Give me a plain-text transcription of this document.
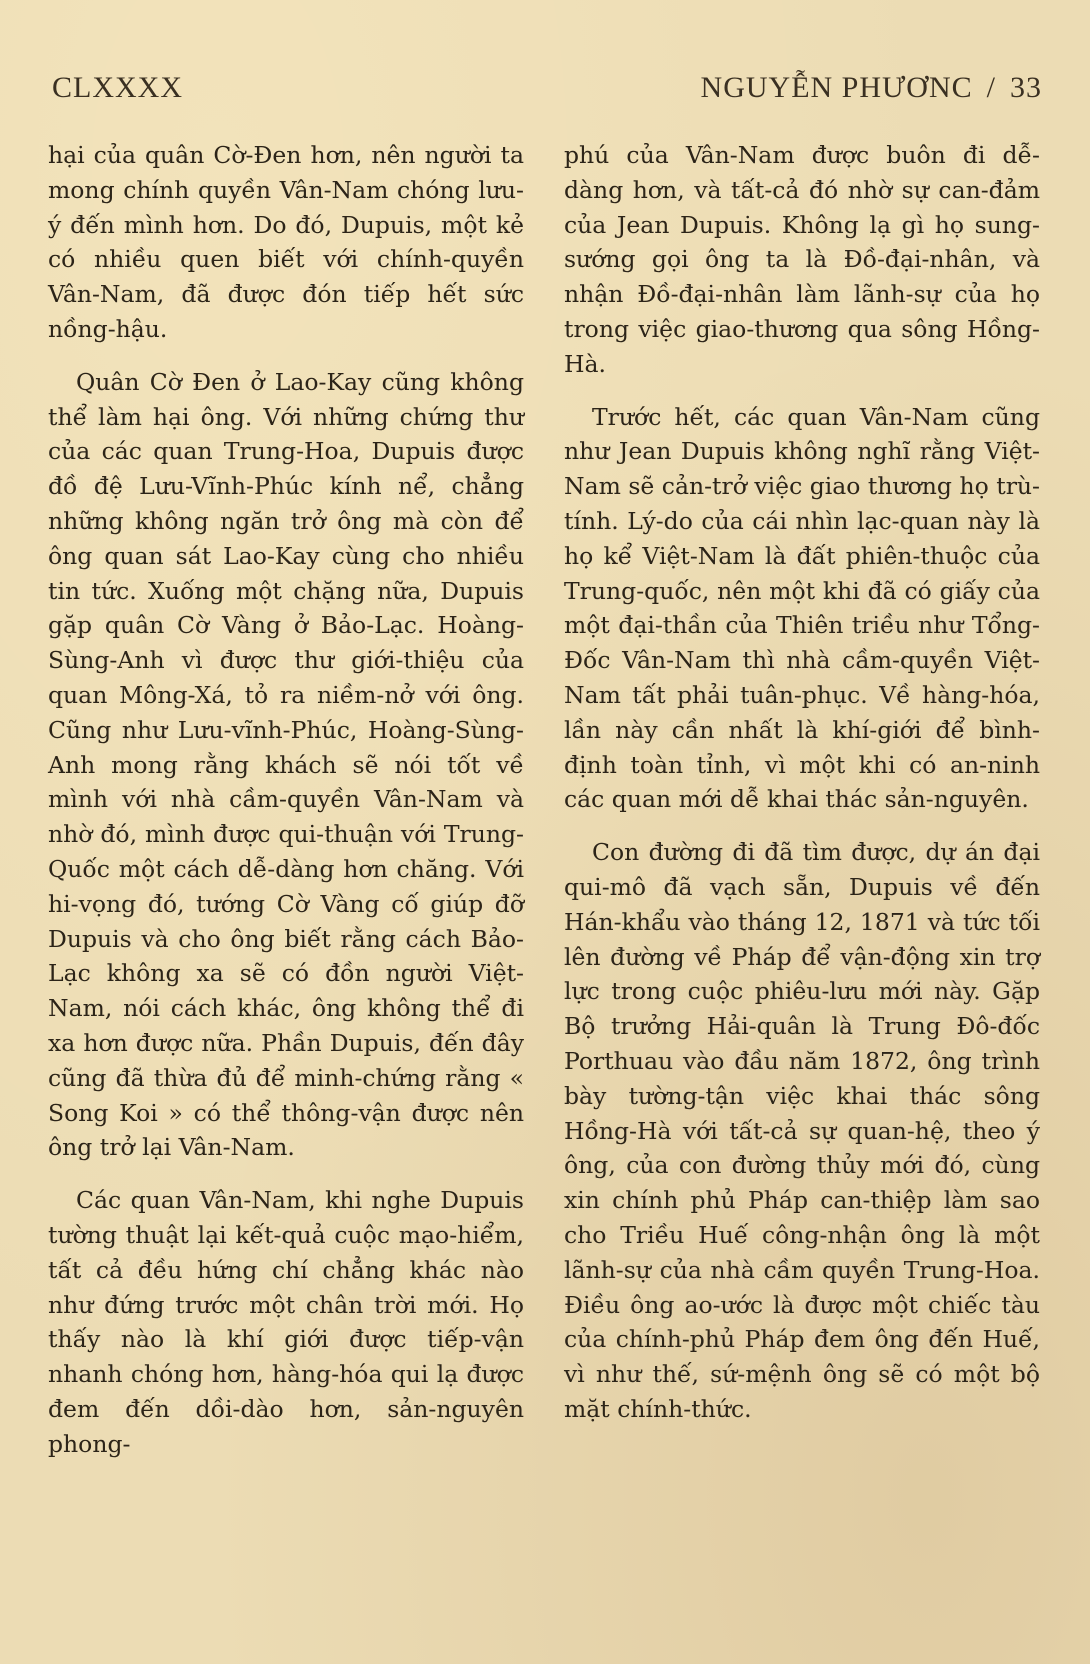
CLXXXX	NGUYỄN PHƯƠNC / 33

hại của quân Cờ-Đen hơn, nên người ta mong chính quyền Vân-Nam chóng lưu-ý đến mình hơn. Do đó, Dupuis, một kẻ có nhiều quen biết với chính-quyền Vân-Nam, đã được đón tiếp hết sức nồng-hậu.

Quân Cờ Đen ở Lao-Kay cũng không thể làm hại ông. Với những chứng thư của các quan Trung-Hoa, Dupuis được đồ đệ Lưu-Vĩnh-Phúc kính nể, chẳng những không ngăn trở ông mà còn để ông quan sát Lao-Kay cùng cho nhiều tin tức. Xuống một chặng nữa, Dupuis gặp quân Cờ Vàng ở Bảo-Lạc. Hoàng-Sùng-Anh vì được thư giới-thiệu của quan Mông-Xá, tỏ ra niềm-nở với ông. Cũng như Lưu-vĩnh-Phúc, Hoàng-Sùng-Anh mong rằng khách sẽ nói tốt về mình với nhà cầm-quyền Vân-Nam và nhờ đó, mình được qui-thuận với Trung-Quốc một cách dễ-dàng hơn chăng. Với hi-vọng đó, tướng Cờ Vàng cố giúp đỡ Dupuis và cho ông biết rằng cách Bảo-Lạc không xa sẽ có đồn người Việt-Nam, nói cách khác, ông không thể đi xa hơn được nữa. Phần Dupuis, đến đây cũng đã thừa đủ để minh-chứng rằng « Song Koi » có thể thông-vận được nên ông trở lại Vân-Nam.

Các quan Vân-Nam, khi nghe Dupuis tường thuật lại kết-quả cuộc mạo-hiểm, tất cả đều hứng chí chẳng khác nào như đứng trước một chân trời mới. Họ thấy nào là khí giới được tiếp-vận nhanh chóng hơn, hàng-hóa qui lạ được đem đến dồi-dào hơn, sản-nguyên phong-

phú của Vân-Nam được buôn đi dễ-dàng hơn, và tất-cả đó nhờ sự can-đảm của Jean Dupuis. Không lạ gì họ sung-sướng gọi ông ta là Đồ-đại-nhân, và nhận Đồ-đại-nhân làm lãnh-sự của họ trong việc giao-thương qua sông Hồng-Hà.

Trước hết, các quan Vân-Nam cũng như Jean Dupuis không nghĩ rằng Việt-Nam sẽ cản-trở việc giao thương họ trù-tính. Lý-do của cái nhìn lạc-quan này là họ kể Việt-Nam là đất phiên-thuộc của Trung-quốc, nên một khi đã có giấy của một đại-thần của Thiên triều như Tổng-Đốc Vân-Nam thì nhà cầm-quyền Việt-Nam tất phải tuân-phục. Về hàng-hóa, lần này cần nhất là khí-giới để bình-định toàn tỉnh, vì một khi có an-ninh các quan mới dễ khai thác sản-nguyên.

Con đường đi đã tìm được, dự án đại qui-mô đã vạch sẵn, Dupuis về đến Hán-khẩu vào tháng 12, 1871 và tức tối lên đường về Pháp để vận-động xin trợ lực trong cuộc phiêu-lưu mới này. Gặp Bộ trưởng Hải-quân là Trung Đô-đốc Porthuau vào đầu năm 1872, ông trình bày tường-tận việc khai thác sông Hồng-Hà với tất-cả sự quan-hệ, theo ý ông, của con đường thủy mới đó, cùng xin chính phủ Pháp can-thiệp làm sao cho Triều Huế công-nhận ông là một lãnh-sự của nhà cầm quyền Trung-Hoa. Điều ông ao-ước là được một chiếc tàu của chính-phủ Pháp đem ông đến Huế, vì như thế, sứ-mệnh ông sẽ có một bộ mặt chính-thức.
